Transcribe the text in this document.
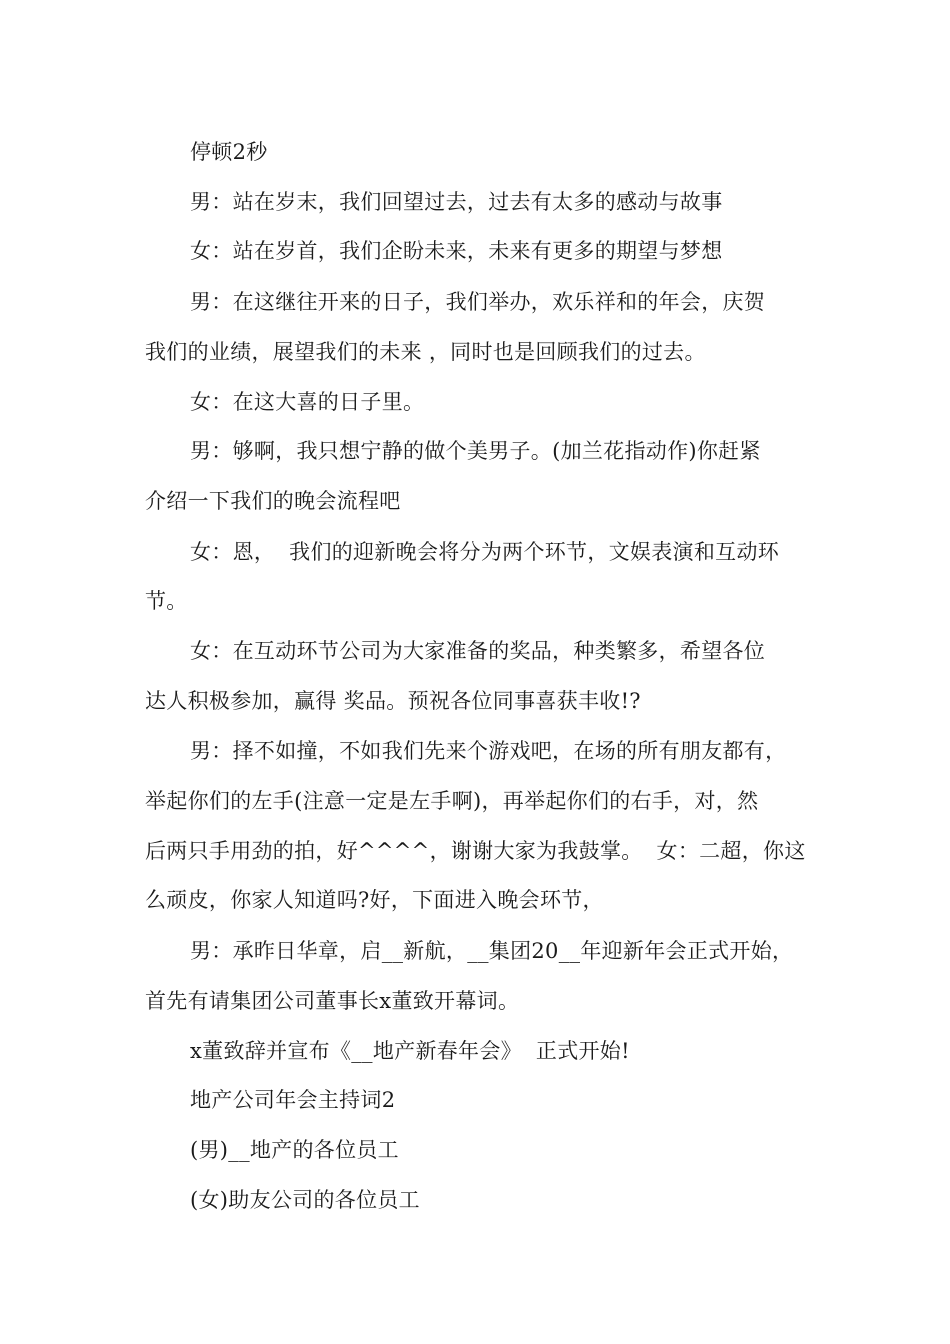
停顿2秒
男：站在岁末，我们回望过去，过去有太多的感动与故事
女：站在岁首，我们企盼未来，未来有更多的期望与梦想
男：在这继往开来的日子，我们举办，欢乐祥和的年会，庆贺
我们的业绩，展望我们的未来 ，同时也是回顾我们的过去。
女：在这大喜的日子里。
男：够啊，我只想宁静的做个美男子。(加兰花指动作)你赶紧
介绍一下我们的晚会流程吧
女：恩，  我们的迎新晚会将分为两个环节，文娱表演和互动环
节。
女：在互动环节公司为大家准备的奖品，种类繁多，希望各位
达人积极参加，赢得 奖品。预祝各位同事喜获丰收!?
男：择不如撞，不如我们先来个游戏吧，在场的所有朋友都有，
举起你们的左手(注意一定是左手啊)，再举起你们的右手，对，然
后两只手用劲的拍，好^^^^，谢谢大家为我鼓掌。  女：二超，你这
么顽皮，你家人知道吗?好，下面进入晚会环节，
男：承昨日华章，启__新航，__集团20__年迎新年会正式开始，
首先有请集团公司董事长x董致开幕词。
x董致辞并宣布《__地产新春年会》  正式开始!
地产公司年会主持词2
(男)__地产的各位员工
(女)助友公司的各位员工
